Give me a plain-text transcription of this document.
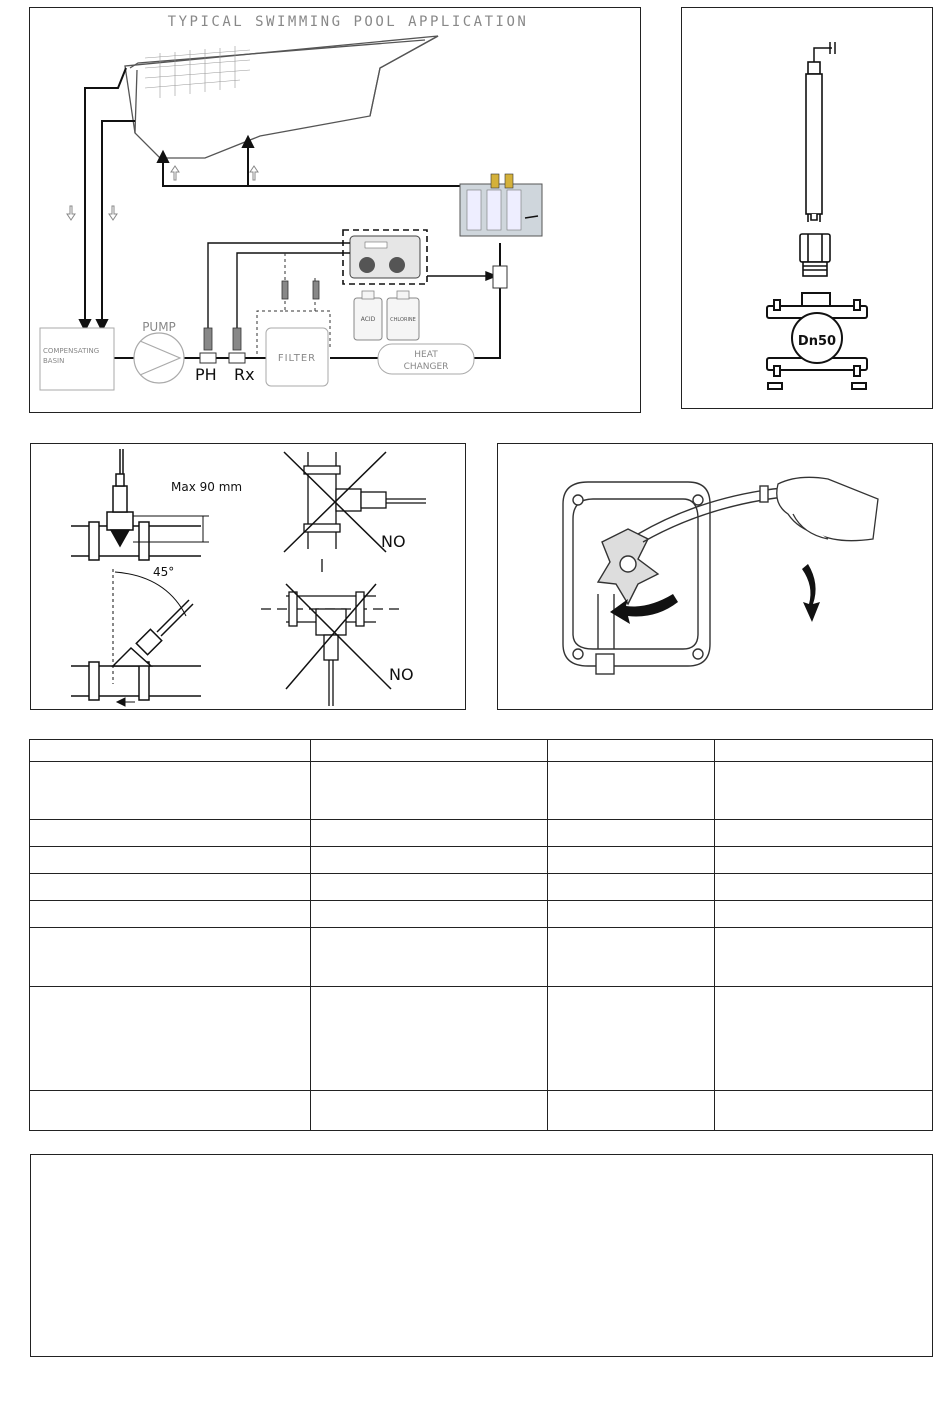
TYPICAL SWIMMING POOL APPLICATION
ACID	CHLORINE
COMPENSATING
BASIN
PUMP
PH Rx
FILTER	HEAT
CHANGER
Dn50
Max 90 mm
45°
NO
NO
